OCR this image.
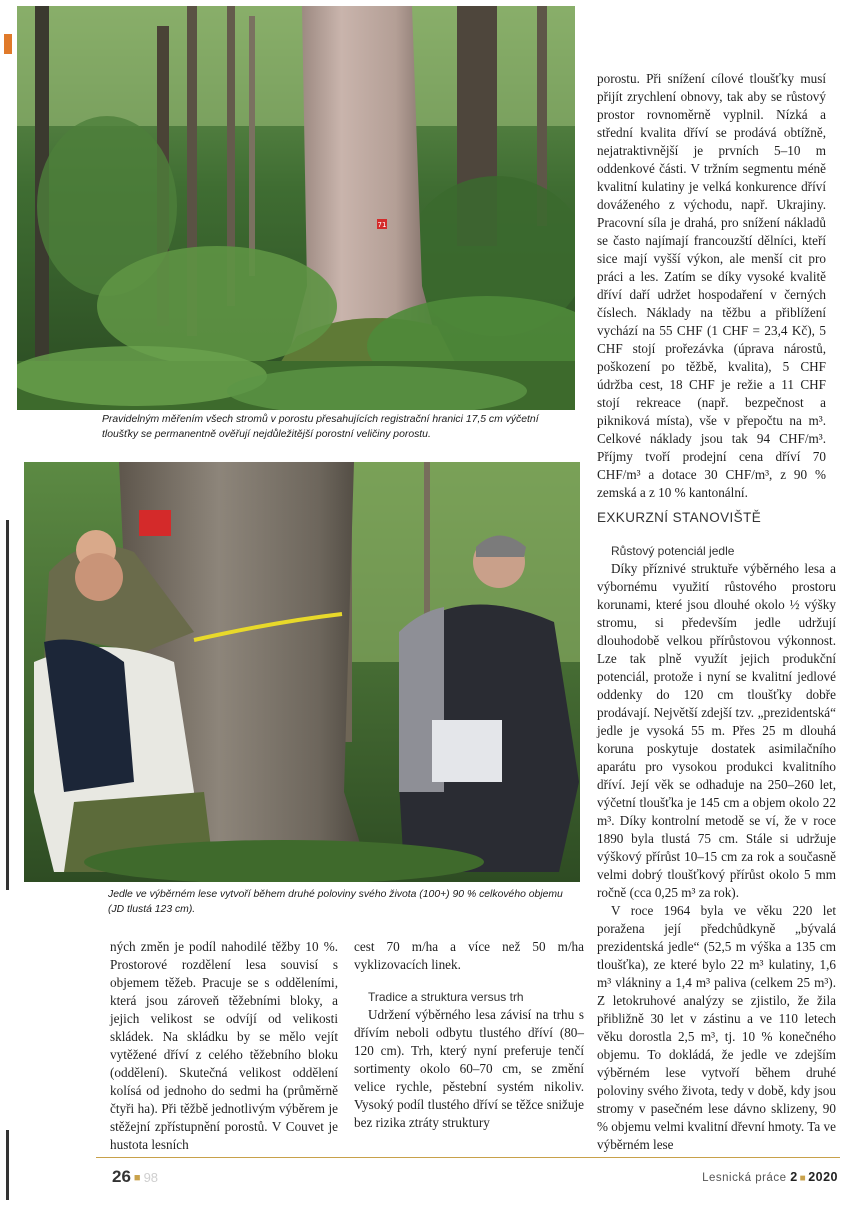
71

Pravidelným měřením všech stromů v porostu přesahujících registrační hranici 17,5 cm výčetní tloušťky se permanentně ověřují nejdůležitější porostní veličiny porostu.

Jedle ve výběrném lese vytvoří během druhé poloviny svého života (100+) 90 % celkového objemu (JD tlustá 123 cm).

porostu. Při snížení cílové tloušťky musí přijít zrychlení obnovy, tak aby se růstový prostor rovnoměrně vyplnil. Nízká a střední kvalita dříví se prodává obtížně, nejatraktivnější je prvních 5–10 m oddenkové části. V tržním segmentu méně kvalitní kulatiny je velká konkurence dříví dováženého z východu, např. Ukrajiny. Pracovní síla je drahá, pro snížení nákladů se často najímají francouzští dělníci, kteří sice mají vyšší výkon, ale menší cit pro práci a les. Zatím se díky vysoké kvalitě dříví daří udržet hospodaření v černých číslech. Náklady na těžbu a přiblížení vychází na 55 CHF (1 CHF = 23,4 Kč), 5 CHF stojí prořezávka (úprava nárostů, poškození po těžbě, kvalita), 5 CHF údržba cest, 18 CHF je režie a 11 CHF stojí rekreace (např. bezpečnost a pikniková místa), vše v přepočtu na m³. Celkové náklady jsou tak 94 CHF/m³. Příjmy tvoří prodejní cena dříví 70 CHF/m³ a dotace 30 CHF/m³, z 90 % zemská a z 10 % kantonální.

EXKURZNÍ STANOVIŠTĚ

Růstový potenciál jedle

Díky příznivé struktuře výběrného lesa a výbornému využití růstového prostoru korunami, které jsou dlouhé okolo ½ výšky stromu, si především jedle udržují dlouhodobě velkou přírůstovou výkonnost. Lze tak plně využít jejich produkční potenciál, protože i nyní se kvalitní jedlové oddenky do 120 cm tloušťky dobře prodávají. Největší zdejší tzv. „prezidentská“ jedle je vysoká 55 m. Přes 25 m dlouhá koruna poskytuje dostatek asimilačního aparátu pro vysokou produkci kvalitního dříví. Její věk se odhaduje na 250–260 let, výčetní tloušťka je 145 cm a objem okolo 22 m³. Díky kontrolní metodě se ví, že v roce 1890 byla tlustá 75 cm. Stále si udržuje výškový přírůst 10–15 cm za rok a současně velmi dobrý tloušťkový přírůst okolo 5 mm ročně (cca 0,25 m³ za rok).

V roce 1964 byla ve věku 220 let poražena její předchůdkyně „bývalá prezidentská jedle“ (52,5 m výška a 135 cm tloušťka), ze které bylo 22 m³ kulatiny, 1,6 m³ vlákniny a 1,4 m³ paliva (celkem 25 m³). Z letokruhové analýzy se zjistilo, že žila přibližně 30 let v zástinu a ve 110 letech věku dorostla 2,5 m³, tj. 10 % konečného objemu. To dokládá, že jedle ve zdejším výběrném lese vytvoří během druhé poloviny svého života, tedy v době, kdy jsou stromy v pasečném lese dávno sklizeny, 90 % objemu velmi kvalitní dřevní hmoty. Ta ve výběrném lese

ných změn je podíl nahodilé těžby 10 %. Prostorové rozdělení lesa souvisí s objemem těžeb. Pracuje se s odděleními, která jsou zároveň těžebními bloky, a jejich velikost se odvíjí od velikosti skládek. Na skládku by se mělo vejít vytěžené dříví z celého těžebního bloku (oddělení). Skutečná velikost oddělení kolísá od jednoho do sedmi ha (průměrně čtyři ha). Při těžbě jednotlivým výběrem je stěžejní zpřístupnění porostů. V Couvet je hustota lesních

cest 70 m/ha a více než 50 m/ha vyklizovacích linek.

Tradice a struktura versus trh

Udržení výběrného lesa závisí na trhu s dřívím neboli odbytu tlustého dříví (80–120 cm). Trh, který nyní preferuje tenčí sortimenty okolo 60–70 cm, se změní velice rychle, pěstební systém nikoliv. Vysoký podíl tlustého dříví se těžce snižuje bez rizika ztráty struktury

26 ■ 98	Lesnická práce 2 ■ 2020
